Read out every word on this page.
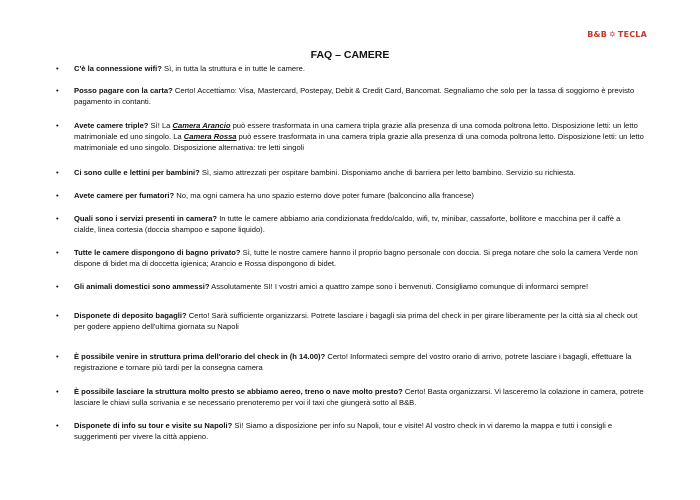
B&B ✡ TECLA
FAQ – CAMERE
• C'è la connessione wifi? Sì, in tutta la struttura e in tutte le camere.
• Posso pagare con la carta? Certo! Accettiamo: Visa, Mastercard, Postepay, Debit & Credit Card, Bancomat. Segnaliamo che solo per la tassa di soggiorno è previsto pagamento in contanti.
• Avete camere triple? Sì! La Camera Arancio può essere trasformata in una camera tripla grazie alla presenza di una comoda poltrona letto. Disposizione letti: un letto matrimoniale ed uno singolo. La Camera Rossa può essere trasformata in una camera tripla grazie alla presenza di una comoda poltrona letto. Disposizione letti: un letto matrimoniale ed uno singolo. Disposizione alternativa: tre letti singoli
• Ci sono culle e lettini per bambini? Sì, siamo attrezzati per ospitare bambini. Disponiamo anche di barriera per letto bambino. Servizio su richiesta.
• Avete camere per fumatori? No, ma ogni camera ha uno spazio esterno dove poter fumare (balconcino alla francese)
• Quali sono i servizi presenti in camera? In tutte le camere abbiamo aria condizionata freddo/caldo, wifi, tv, minibar, cassaforte, bollitore e macchina per il caffè a cialde, linea cortesia (doccia shampoo e sapone liquido).
• Tutte le camere dispongono di bagno privato? Sì, tutte le nostre camere hanno il proprio bagno personale con doccia. Si prega notare che solo la camera Verde non dispone di bidet ma di doccetta igienica; Arancio e Rossa dispongono di bidet.
• Gli animali domestici sono ammessi? Assolutamente SI! I vostri amici a quattro zampe sono i benvenuti. Consigliamo comunque di informarci sempre!
• Disponete di deposito bagagli? Certo! Sarà sufficiente organizzarsi. Potrete lasciare i bagagli sia prima del check in per girare liberamente per la città sia al check out per godere appieno dell'ultima giornata su Napoli
• È possibile venire in struttura prima dell'orario del check in (h 14.00)? Certo! Informateci sempre del vostro orario di arrivo, potrete lasciare i bagagli, effettuare la registrazione e tornare più tardi per la consegna camera
• È possibile lasciare la struttura molto presto se abbiamo aereo, treno o nave molto presto? Certo! Basta organizzarsi. Vi lasceremo la colazione in camera, potrete lasciare le chiavi sulla scrivania e se necessario prenoteremo per voi il taxi che giungerà sotto al B&B.
• Disponete di info su tour e visite su Napoli? Sì! Siamo a disposizione per info su Napoli, tour e visite! Al vostro check in vi daremo la mappa e tutti i consigli e suggerimenti per vivere la città appieno.
